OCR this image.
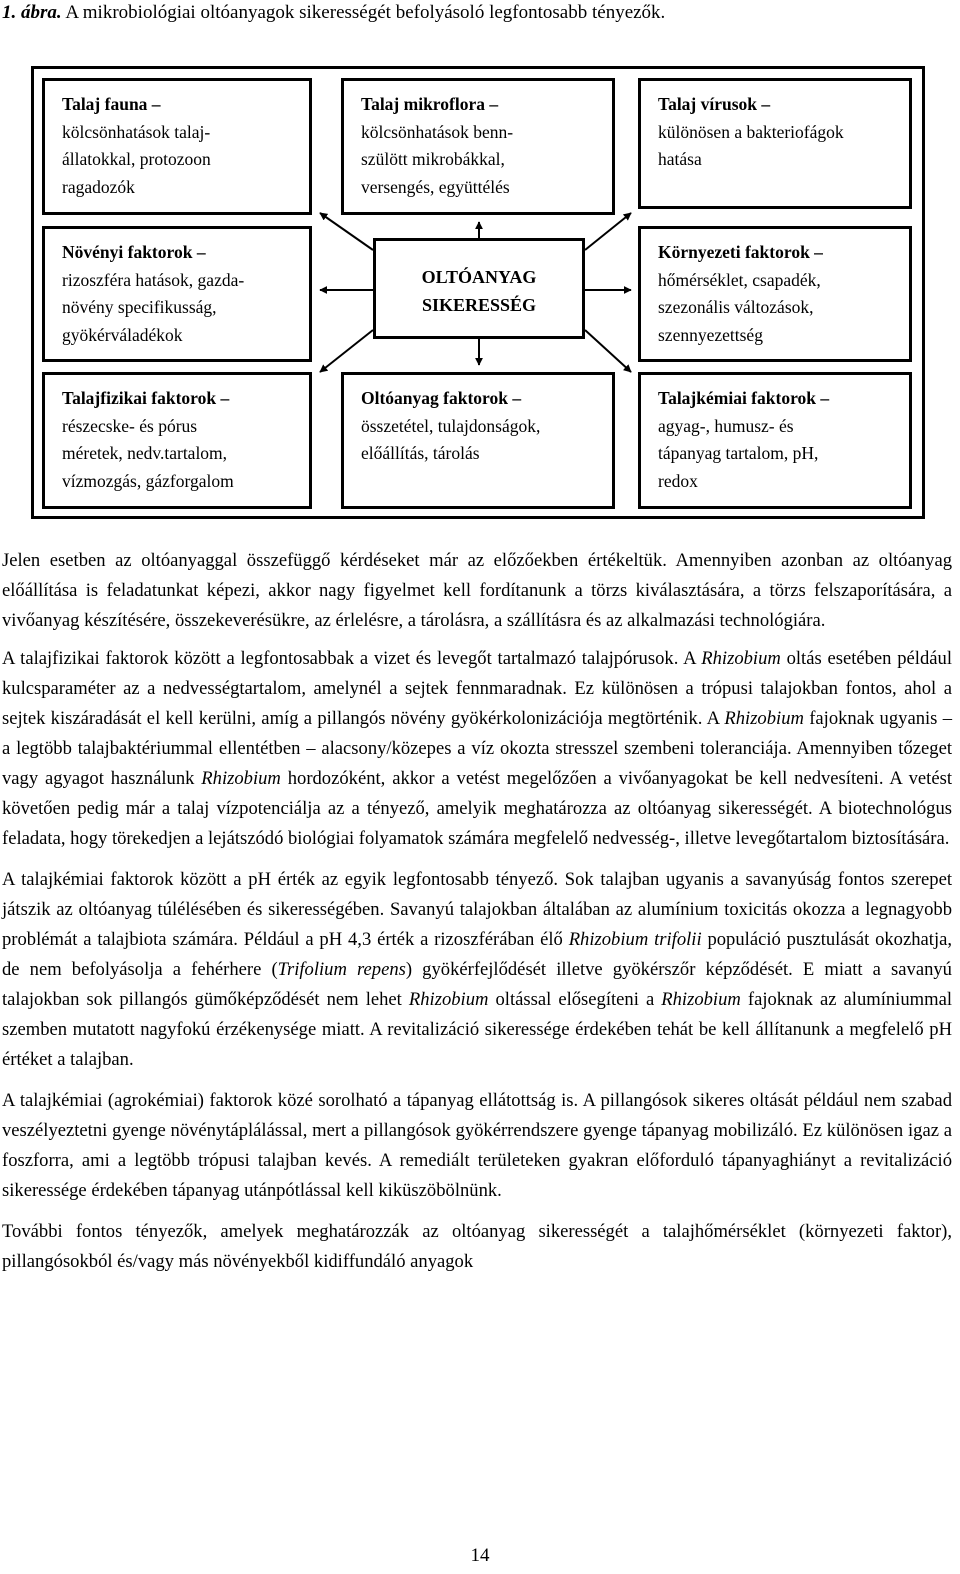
1. ábra. A mikrobiológiai oltóanyagok sikerességét befolyásoló legfontosabb tényezők.
Talaj fauna –
kölcsönhatások talaj-
állatokkal, protozoon
ragadozók
Talaj mikroflora –
kölcsönhatások benn-
szülött mikrobákkal,
versengés, együttélés
Talaj vírusok –
különösen a bakteriofágok
hatása
Növényi faktorok –
rizoszféra hatások, gazda-
növény specifikusság,
gyökérváladékok
OLTÓANYAG
SIKERESSÉG
Környezeti faktorok –
hőmérséklet, csapadék,
szezonális változások,
szennyezettség
Talajfizikai faktorok –
részecske- és pórus
méretek, nedv.tartalom,
vízmozgás, gázforgalom
Oltóanyag faktorok –
összetétel, tulajdonságok,
előállítás, tárolás
Talajkémiai faktorok –
agyag-, humusz- és
tápanyag tartalom, pH,
redox

Jelen esetben az oltóanyaggal összefüggő kérdéseket már az előzőekben értékeltük. Amennyiben azonban az oltóanyag előállítása is feladatunkat képezi, akkor nagy figyelmet kell fordítanunk a törzs kiválasztására, a törzs felszaporítására, a vivőanyag készítésére, összekeverésükre, az érlelésre, a tárolásra, a szállításra és az alkalmazási technológiára.

A talajfizikai faktorok között a legfontosabbak a vizet és levegőt tartalmazó talajpórusok. A Rhizobium oltás esetében például kulcsparaméter az a nedvességtartalom, amelynél a sejtek fennmaradnak. Ez különösen a trópusi talajokban fontos, ahol a sejtek kiszáradását el kell kerülni, amíg a pillangós növény gyökérkolonizációja megtörténik. A Rhizobium fajoknak ugyanis – a legtöbb talajbaktériummal ellentétben – alacsony/közepes a víz okozta stresszel szembeni toleranciája. Amennyiben tőzeget vagy agyagot használunk Rhizobium hordozóként, akkor a vetést megelőzően a vivőanyagokat be kell nedvesíteni. A vetést követően pedig már a talaj vízpotenciálja az a tényező, amelyik meghatározza az oltóanyag sikerességét. A biotechnológus feladata, hogy törekedjen a lejátszódó biológiai folyamatok számára megfelelő nedvesség-, illetve levegőtartalom biztosítására.

A talajkémiai faktorok között a pH érték az egyik legfontosabb tényező. Sok talajban ugyanis a savanyúság fontos szerepet játszik az oltóanyag túlélésében és sikerességében. Savanyú talajokban általában az alumínium toxicitás okozza a legnagyobb problémát a talajbiota számára. Például a pH 4,3 érték a rizoszférában élő Rhizobium trifolii populáció pusztulását okozhatja, de nem befolyásolja a fehérhere (Trifolium repens) gyökérfejlődését illetve gyökérszőr képződését. E miatt a savanyú talajokban sok pillangós gümőképződését nem lehet Rhizobium oltással elősegíteni a Rhizobium fajoknak az alumíniummal szemben mutatott nagyfokú érzékenysége miatt. A revitalizáció sikeressége érdekében tehát be kell állítanunk a megfelelő pH értéket a talajban.

A talajkémiai (agrokémiai) faktorok közé sorolható a tápanyag ellátottság is. A pillangósok sikeres oltását például nem szabad veszélyeztetni gyenge növénytáplálással, mert a pillangósok gyökérrendszere gyenge tápanyag mobilizáló. Ez különösen igaz a foszforra, ami a legtöbb trópusi talajban kevés. A remediált területeken gyakran előforduló tápanyaghiányt a revitalizáció sikeressége érdekében tápanyag utánpótlással kell kiküszöbölnünk.

További fontos tényezők, amelyek meghatározzák az oltóanyag sikerességét a talajhőmérséklet (környezeti faktor), pillangósokból és/vagy más növényekből kidiffundáló anyagok

14
